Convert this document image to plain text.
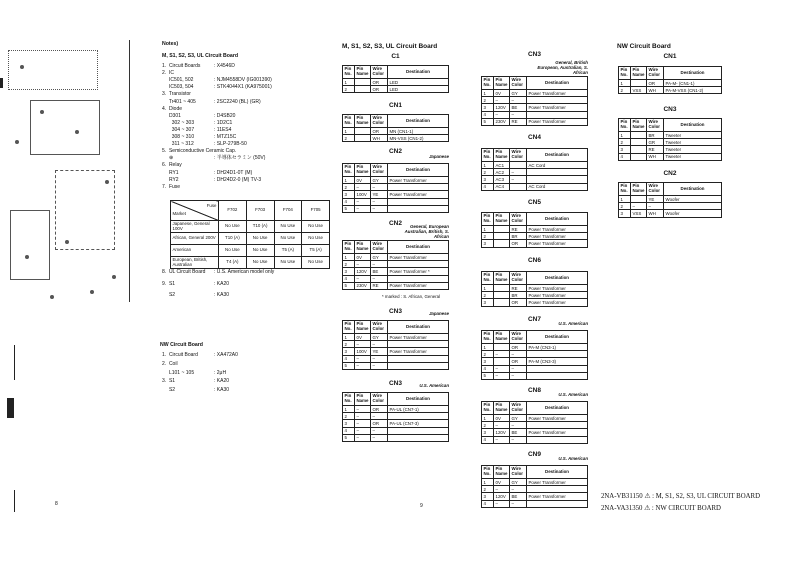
Notes)
M, S1, S2, S3, UL Circuit Board
1.  Circuit Boards	: X4546D
2.  IC
IC501, 502	: NJM4558DV (IG001390)
IC503, 504	: STK4044X1 (KA975001)
3.  Transistor
Tr401 ~ 405	: 2SC2240 (BL) (GR)
4.  Diode
D301	: D4SB20
302 ~ 303	: 1D2C1
304 ~ 307	: 11ES4
308 ~ 310	: MTZ15C
311 ~ 312	: SLP-279B-50
5.  Semiconductive Ceramic Cap.
⊕	: 半導体セラミン (50V)
6.  Relay
RY1	: DH24D1-0T (M)
RY2	: DH24D2-0 (M) TV-3
7.  Fuse
Fuse
Market	F702	F703	F704	F705
Japanese, General 100V	No Use	T10 (A)	No Use	No Use
African, General 200V	T10 (A)	No Use	No Use	No Use
American	No Use	No Use	T5 (A)	T5 (A)
European, British, Australian	T4 (A)	No Use	No Use	No Use
8.  UL Circuit Board : U.S. American model only
9.  S1	: KA20
S2	: KA30
NW Circuit Board
1.  Circuit Board	: XA472A0
2.  Coil
L101 ~ 105	: 2μH
3.  S1	: KA20
S2	: KA30
8
M, S1, S2, S3, UL Circuit Board	NW Circuit Board
9
C1
Pin No.	Pin Name	Wire Color	Destination
1		OR	LED
2		OR	LED
CN1
Pin No.	Pin Name	Wire Color	Destination
1		OR	MN (CN1-1)
2		WH	MN-VSS (CN1-2)
CN2
Japanese
Pin No.	Pin Name	Wire Color	Destination
1	0V	GY	Power Transformer
2	–	–	
3	100V	YE	Power Transformer
4	–	–	
5	–	–	
CN2	General, European Australian, British, S. African
Pin No.	Pin Name	Wire Color	Destination
1	0V	GY	Power Transformer
2	–	–	
3	120V	BE	Power Transformer *
4	–	–	
5	230V	RE	Power Transformer
* marked : S. African, General
CN3	Japanese
Pin No.	Pin Name	Wire Color	Destination
1	0V	GY	Power Transformer
2	–	–	
3	100V	YE	Power Transformer
4	–	–	
5	–	–	
CN3	U.S. American
Pin No.	Pin Name	Wire Color	Destination
1	–	OR	PA-UL (CN7-1)
2	–	–	
3	–	OR	PA-UL (CN7-3)
4	–	–	
5	–	–	
CN3
General, British European, Australian, S. African
Pin No.	Pin Name	Wire Color	Destination
1	0V	GY	Power Transformer
2	–	–	
3	120V	BE	Power Transformer
4	–	–	
5	230V	RE	Power Transformer
CN4
Pin No.	Pin Name	Wire Color	Destination
1	AC1		AC Cord
2	AC2	–	
3	AC3	–	
4	AC4		AC Cord
CN5
Pin No.	Pin Name	Wire Color	Destination
1		RE	Power Transformer
2		BR	Power Transformer
3		OR	Power Transformer
CN6
Pin No.	Pin Name	Wire Color	Destination
1		RE	Power Transformer
2		BR	Power Transformer
3		OR	Power Transformer
CN7
U.S. American
Pin No.	Pin Name	Wire Color	Destination
1		OR	PA-M (CN3-1)
2	–	–	
3		OR	PA-M (CN3-3)
4	–	–	
5	–	–	
CN8
U.S. American
Pin No.	Pin Name	Wire Color	Destination
1	0V	GY	Power Transformer
2	–	–	
3	120V	BE	Power Transformer
4	–	–	
CN9
U.S. American
Pin No.	Pin Name	Wire Color	Destination
1	0V	GY	Power Transformer
2	–	–	
3	120V	BE	Power Transformer
4	–	–	
CN1
Pin No.	Pin Name	Wire Color	Destination
1		OR	PA-M- (CN1-1)
2	VSS	WH	PA-M-VSS (CN1-2)
CN3
Pin No.	Pin Name	Wire Color	Destination
1		BR	Tweeter
2		GR	Tweeter
3		RE	Tweeter
4		WH	Tweeter
CN2
Pin No.	Pin Name	Wire Color	Destination
1		YE	Woofer
2	–	–	
3	VSS	WH	Woofer
2NA-VB31150 ⚠ : M, S1, S2, S3, UL CIRCUIT BOARD
2NA-VA31350 ⚠ : NW CIRCUIT BOARD
